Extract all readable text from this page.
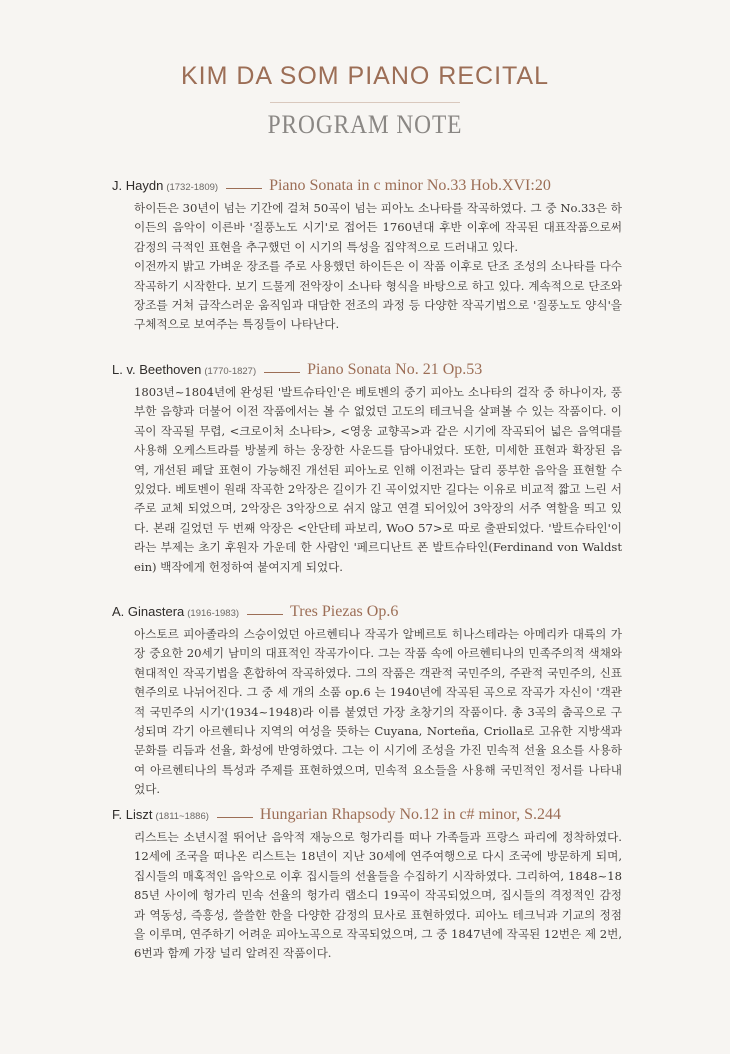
KIM DA SOM PIANO RECITAL
PROGRAM NOTE
J. Haydn (1732-1809)	Piano Sonata in c minor No.33 Hob.XVI:20

하이든은 30년이 넘는 기간에 걸쳐 50곡이 넘는 피아노 소나타를 작곡하였다. 그 중 No.33은 하이든의 음악이 이른바 '질풍노도 시기'로 접어든 1760년대 후반 이후에 작곡된 대표작품으로써 감정의 극적인 표현을 추구했던 이 시기의 특성을 집약적으로 드러내고 있다.

이전까지 밝고 가벼운 장조를 주로 사용했던 하이든은 이 작품 이후로 단조 조성의 소나타를 다수 작곡하기 시작한다. 보기 드물게 전악장이 소나타 형식을 바탕으로 하고 있다. 계속적으로 단조와 장조를 거쳐 급작스러운 움직임과 대담한 전조의 과정 등 다양한 작곡기법으로 '질풍노도 양식'을 구체적으로 보여주는 특징들이 나타난다.

L. v. Beethoven (1770-1827)	Piano Sonata No. 21 Op.53

1803년~1804년에 완성된 '발트슈타인'은 베토벤의 중기 피아노 소나타의 걸작 중 하나이자, 풍부한 음향과 더불어 이전 작품에서는 볼 수 없었던 고도의 테크닉을 살펴볼 수 있는 작품이다. 이 곡이 작곡될 무렵, <크로이처 소나타>, <영웅 교향곡>과 같은 시기에 작곡되어 넓은 음역대를 사용해 오케스트라를 방불케 하는 웅장한 사운드를 담아내었다. 또한, 미세한 표현과 확장된 음역, 개선된 페달 표현이 가능해진 개선된 피아노로 인해 이전과는 달리 풍부한 음악을 표현할 수 있었다. 베토벤이 원래 작곡한 2악장은 길이가 긴 곡이었지만 길다는 이유로 비교적 짧고 느린 서주로 교체 되었으며, 2악장은 3악장으로 쉬지 않고 연결 되어있어 3악장의 서주 역할을 띄고 있다. 본래 길었던 두 번째 악장은 <안단테 파보리, WoO 57>로 따로 출판되었다. '발트슈타인'이라는 부제는 초기 후원자 가운데 한 사람인 '페르디난트 폰 발트슈타인(Ferdinand von Waldstein) 백작에게 헌정하여 붙여지게 되었다.

A. Ginastera (1916-1983)	Tres Piezas Op.6

아스토르 피아졸라의 스승이었던 아르헨티나 작곡가 알베르토 히나스테라는 아메리카 대륙의 가장 중요한 20세기 남미의 대표적인 작곡가이다. 그는 작품 속에 아르헨티나의 민족주의적 색채와 현대적인 작곡기법을 혼합하여 작곡하였다. 그의 작품은 객관적 국민주의, 주관적 국민주의, 신표현주의로 나뉘어진다. 그 중 세 개의 소품 op.6 는 1940년에 작곡된 곡으로 작곡가 자신이 '객관적 국민주의 시기'(1934~1948)라 이름 붙였던 가장 초창기의 작품이다. 총 3곡의 춤곡으로 구성되며 각기 아르헨티나 지역의 여성을 뜻하는 Cuyana, Norteña, Criolla로 고유한 지방색과 문화를 리듬과 선율, 화성에 반영하였다. 그는 이 시기에 조성을 가진 민속적 선율 요소를 사용하여 아르헨티나의 특성과 주제를 표현하였으며, 민속적 요소들을 사용해 국민적인 정서를 나타내었다.

F. Liszt (1811~1886)	Hungarian Rhapsody No.12 in c# minor, S.244

리스트는 소년시절 뛰어난 음악적 재능으로 헝가리를 떠나 가족들과 프랑스 파리에 정착하였다. 12세에 조국을 떠나온 리스트는 18년이 지난 30세에 연주여행으로 다시 조국에 방문하게 되며, 집시들의 매혹적인 음악으로 이후 집시들의 선율들을 수집하기 시작하였다. 그리하여, 1848~1885년 사이에 헝가리 민속 선율의 헝가리 랩소디 19곡이 작곡되었으며, 집시들의 격정적인 감정과 역동성, 즉흥성, 쓸쓸한 한을 다양한 감정의 묘사로 표현하였다. 피아노 테크닉과 기교의 정점을 이루며, 연주하기 어려운 피아노곡으로 작곡되었으며, 그 중 1847년에 작곡된 12번은 제 2번, 6번과 함께 가장 널리 알려진 작품이다.
